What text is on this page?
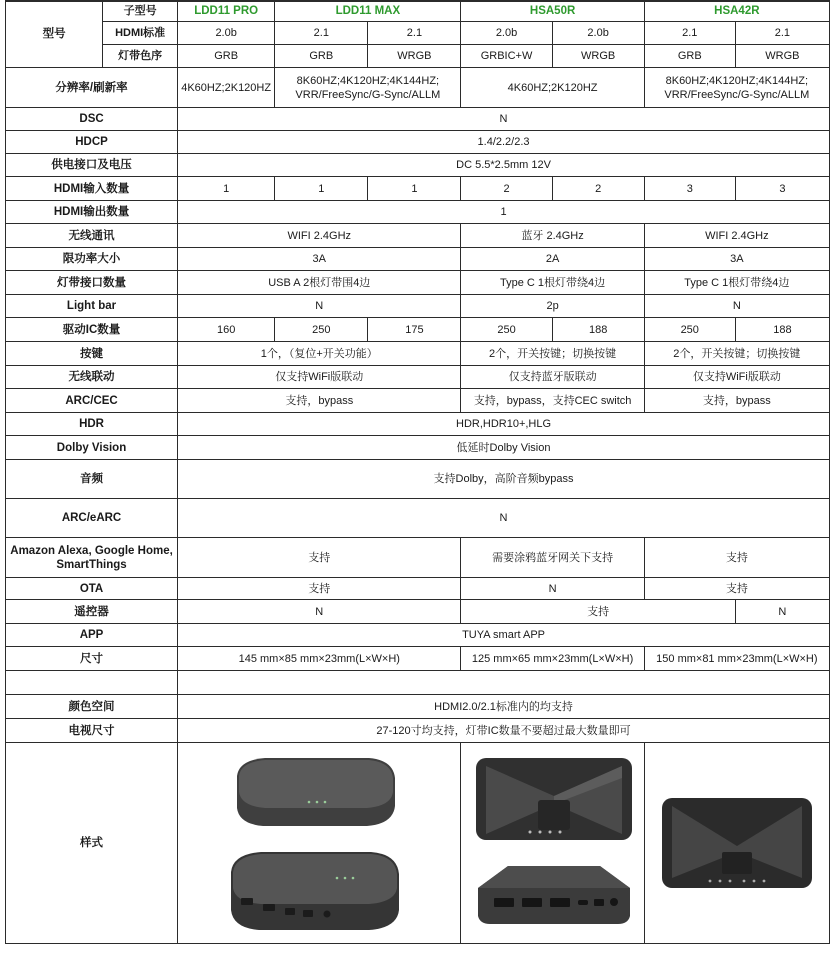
型号	子型号	LDD11 PRO	LDD11 MAX		HSA50R		HSA42R	
	HDMI标准	2.0b	2.1	2.1	2.0b	2.0b	2.1	2.1
	灯带色序	GRB	GRB	WRGB	GRBIC+W	WRGB	GRB	WRGB
分辨率/刷新率		4K60HZ;2K120HZ	8K60HZ;4K120HZ;4K144HZ; VRR/FreeSync/G-Sync/ALLM		4K60HZ;2K120HZ		8K60HZ;4K120HZ;4K144HZ; VRR/FreeSync/G-Sync/ALLM	
DSC		N						
HDCP		1.4/2.2/2.3						
供电接口及电压		DC 5.5*2.5mm 12V						
HDMI输入数量		1	1	1	2	2	3	3
HDMI输出数量		1						
无线通讯		WIFI 2.4GHz			蓝牙 2.4GHz		WIFI 2.4GHz	
限功率大小		3A			2A		3A	
灯带接口数量		USB A 2根灯带围4边			Type C 1根灯带绕4边		Type C 1根灯带绕4边	
Light bar		N			2p		N	
驱动IC数量		160	250	175	250	188	250	188
按键		1个，（复位+开关功能）			2个，开关按键；切换按键		2个，开关按键；切换按键	
无线联动		仅支持WiFi版联动			仅支持蓝牙版联动		仅支持WiFi版联动	
ARC/CEC		支持，bypass			支持，bypass，支持CEC switch		支持，bypass	
HDR		HDR,HDR10+,HLG						
Dolby Vision		低延时Dolby Vision						
音频		支持Dolby，高阶音频bypass						
ARC/eARC		N						
Amazon Alexa, Google Home, SmartThings		支持			需要涂鸦蓝牙网关下支持		支持	
OTA		支持			N		支持	
遥控器		N			支持			N
APP		TUYA smart APP						
尺寸		145 mm×85 mm×23mm(L×W×H)			125 mm×65 mm×23mm(L×W×H)		150 mm×81 mm×23mm(L×W×H)	

颜色空间		HDMI2.0/2.1标准内的均支持						
电视尺寸		27-120寸均支持，灯带IC数量不要超过最大数量即可						
样式	
